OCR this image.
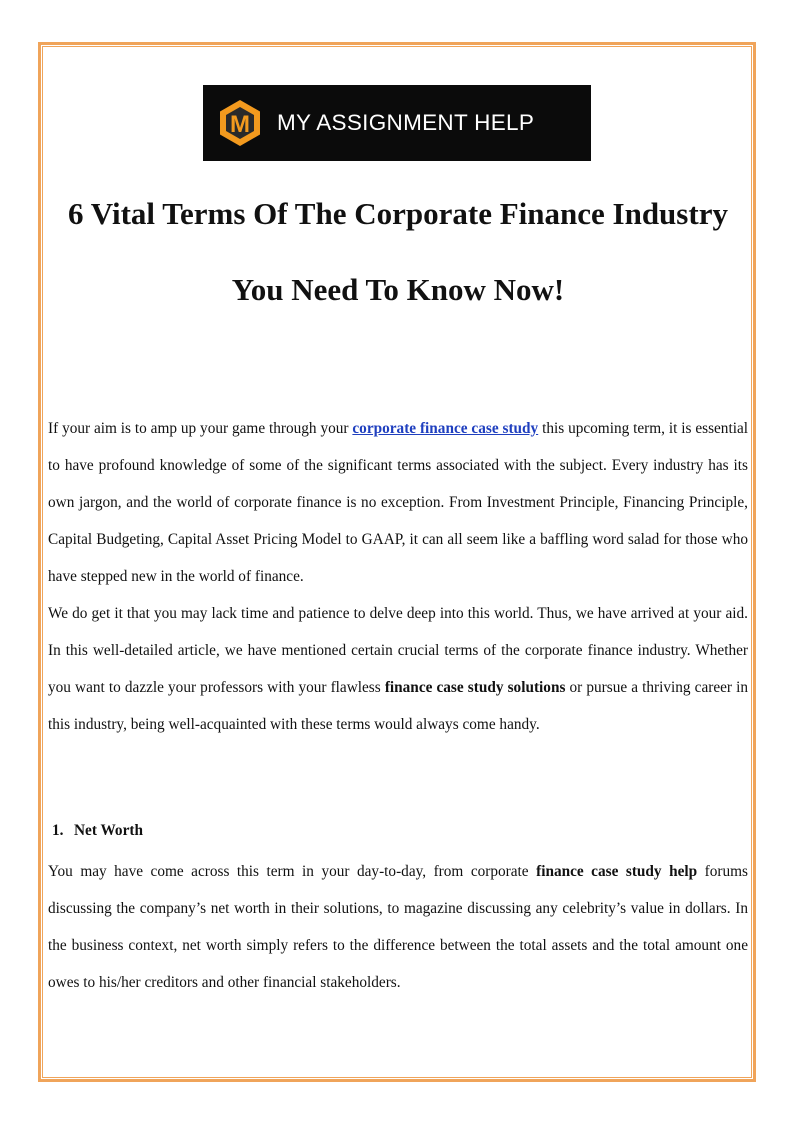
M MY ASSIGNMENT HELP
6 Vital Terms Of The Corporate Finance Industry
You Need To Know Now!

If your aim is to amp up your game through your corporate finance case study this upcoming term, it is essential to have profound knowledge of some of the significant terms associated with the subject. Every industry has its own jargon, and the world of corporate finance is no exception. From Investment Principle, Financing Principle, Capital Budgeting, Capital Asset Pricing Model to GAAP, it can all seem like a baffling word salad for those who have stepped new in the world of finance.

We do get it that you may lack time and patience to delve deep into this world. Thus, we have arrived at your aid. In this well-detailed article, we have mentioned certain crucial terms of the corporate finance industry. Whether you want to dazzle your professors with your flawless finance case study solutions or pursue a thriving career in this industry, being well-acquainted with these terms would always come handy.

1. Net Worth

You may have come across this term in your day-to-day, from corporate finance case study help forums discussing the company’s net worth in their solutions, to magazine discussing any celebrity’s value in dollars. In the business context, net worth simply refers to the difference between the total assets and the total amount one owes to his/her creditors and other financial stakeholders.
